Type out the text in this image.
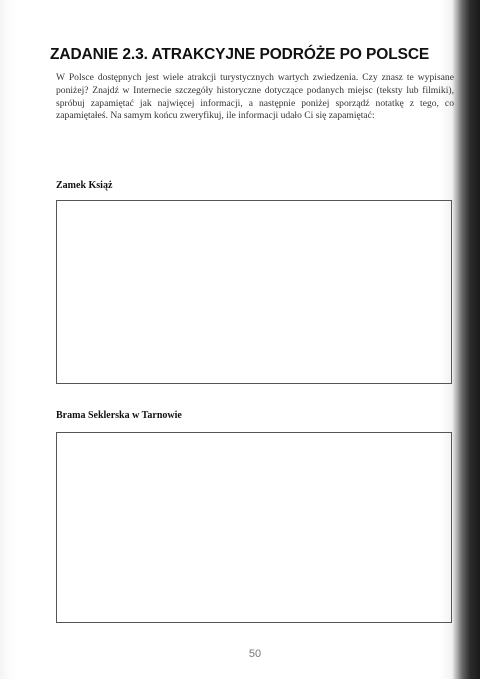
ZADANIE 2.3. ATRAKCYJNE PODRÓŻE PO POLSCE

W Polsce dostępnych jest wiele atrakcji turystycznych wartych zwiedzenia. Czy znasz te wypisane poniżej? Znajdź w Internecie szczegóły historyczne dotyczące podanych miejsc (teksty lub filmiki), spróbuj zapamiętać jak najwięcej informacji, a następnie poniżej sporządź notatkę z tego, co zapamiętałeś. Na samym końcu zweryfikuj, ile informacji udało Ci się zapamiętać:

Zamek Książ
Brama Seklerska w Tarnowie
50
